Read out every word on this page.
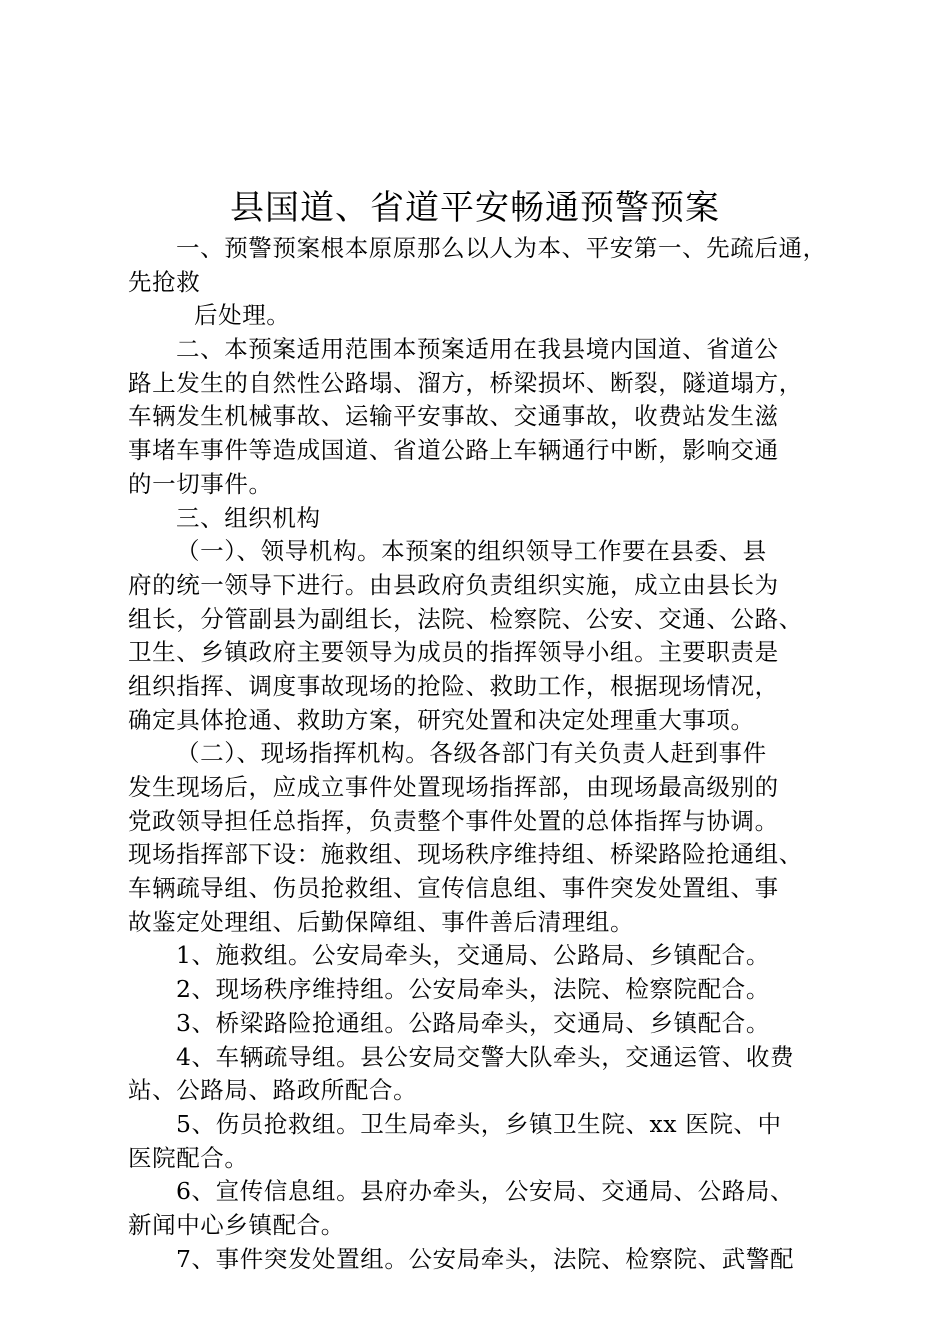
县国道、省道平安畅通预警预案
一、预警预案根本原原那么以人为本、平安第一、先疏后通，
先抢救
后处理。
二、本预案适用范围本预案适用在我县境内国道、省道公
路上发生的自然性公路塌、溜方，桥梁损坏、断裂，隧道塌方，
车辆发生机械事故、运输平安事故、交通事故，收费站发生滋
事堵车事件等造成国道、省道公路上车辆通行中断，影响交通
的一切事件。
三、组织机构
（一）、领导机构。本预案的组织领导工作要在县委、县
府的统一领导下进行。由县政府负责组织实施，成立由县长为
组长，分管副县为副组长，法院、检察院、公安、交通、公路、
卫生、乡镇政府主要领导为成员的指挥领导小组。主要职责是
组织指挥、调度事故现场的抢险、救助工作，根据现场情况，
确定具体抢通、救助方案，研究处置和决定处理重大事项。
（二）、现场指挥机构。各级各部门有关负责人赶到事件
发生现场后，应成立事件处置现场指挥部，由现场最高级别的
党政领导担任总指挥，负责整个事件处置的总体指挥与协调。
现场指挥部下设：施救组、现场秩序维持组、桥梁路险抢通组、
车辆疏导组、伤员抢救组、宣传信息组、事件突发处置组、事
故鉴定处理组、后勤保障组、事件善后清理组。
1、施救组。公安局牵头，交通局、公路局、乡镇配合。
2、现场秩序维持组。公安局牵头，法院、检察院配合。
3、桥梁路险抢通组。公路局牵头，交通局、乡镇配合。
4、车辆疏导组。县公安局交警大队牵头，交通运管、收费
站、公路局、路政所配合。
5、伤员抢救组。卫生局牵头，乡镇卫生院、xx 医院、中
医院配合。
6、宣传信息组。县府办牵头，公安局、交通局、公路局、
新闻中心乡镇配合。
7、事件突发处置组。公安局牵头，法院、检察院、武警配
